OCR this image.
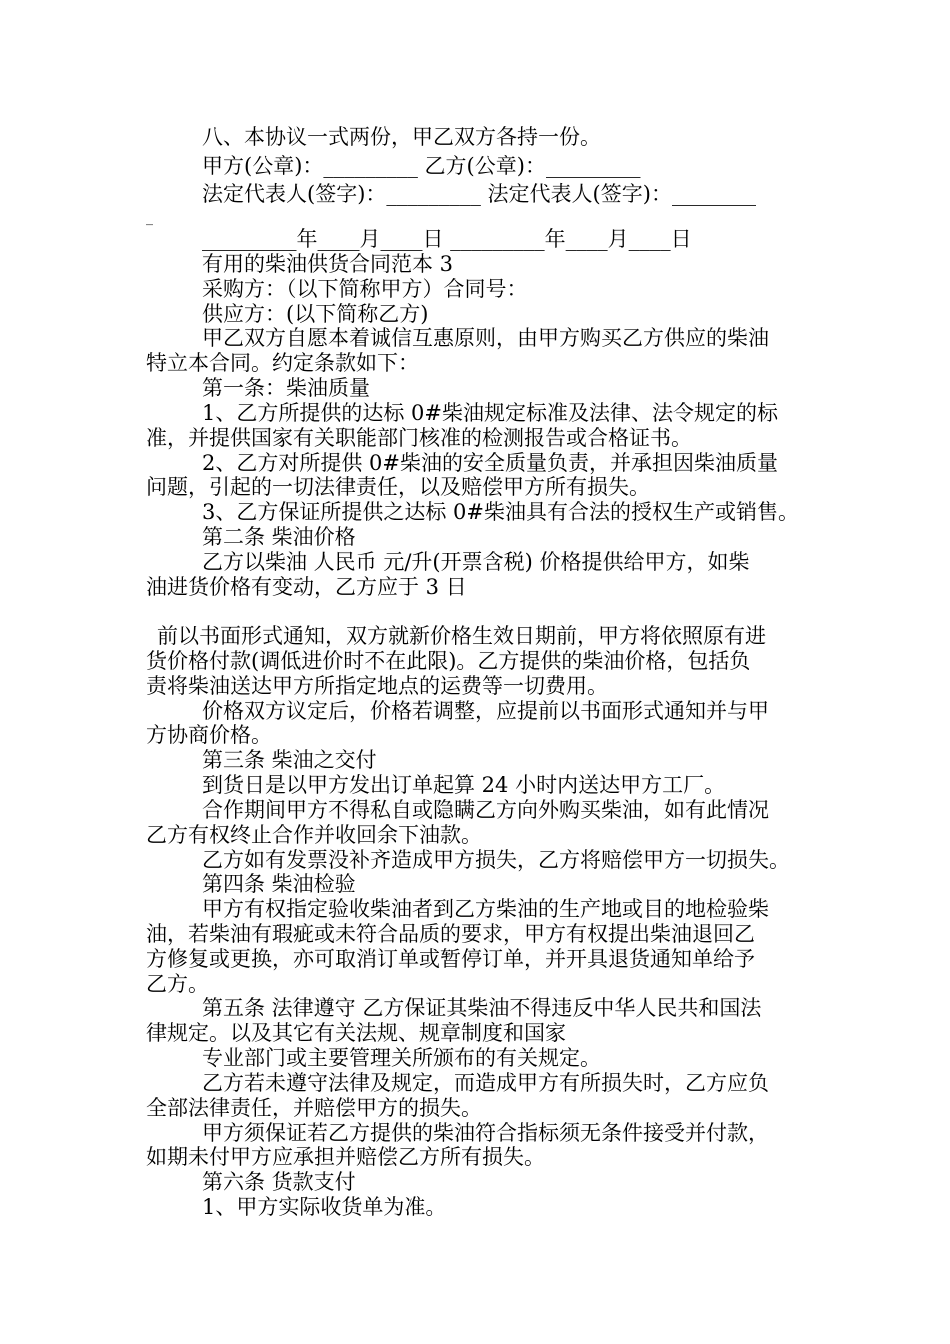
八、本协议一式两份，甲乙双方各持一份。
甲方(公章)：_________ 乙方(公章)：_________
法定代表人(签字)：_________ 法定代表人(签字)：________
_
_________年____月____日 _________年____月____日
有用的柴油供货合同范本 3
采购方：（以下简称甲方）合同号：
供应方：(以下简称乙方)
甲乙双方自愿本着诚信互惠原则，由甲方购买乙方供应的柴油
特立本合同。约定条款如下：
第一条：柴油质量
1、乙方所提供的达标 0#柴油规定标准及法律、法令规定的标
准，并提供国家有关职能部门核准的检测报告或合格证书。
2、乙方对所提供 0#柴油的安全质量负责，并承担因柴油质量
问题，引起的一切法律责任，以及赔偿甲方所有损失。
3、乙方保证所提供之达标 0#柴油具有合法的授权生产或销售。
第二条 柴油价格
乙方以柴油 人民币 元/升(开票含税) 价格提供给甲方，如柴
油进货价格有变动，乙方应于 3 日
前以书面形式通知，双方就新价格生效日期前，甲方将依照原有进
货价格付款(调低进价时不在此限)。乙方提供的柴油价格，包括负
责将柴油送达甲方所指定地点的运费等一切费用。
价格双方议定后，价格若调整，应提前以书面形式通知并与甲
方协商价格。
第三条 柴油之交付
到货日是以甲方发出订单起算 24 小时内送达甲方工厂。
合作期间甲方不得私自或隐瞒乙方向外购买柴油，如有此情况
乙方有权终止合作并收回余下油款。
乙方如有发票没补齐造成甲方损失，乙方将赔偿甲方一切损失。
第四条 柴油检验
甲方有权指定验收柴油者到乙方柴油的生产地或目的地检验柴
油，若柴油有瑕疵或未符合品质的要求，甲方有权提出柴油退回乙
方修复或更换，亦可取消订单或暂停订单，并开具退货通知单给予
乙方。
第五条 法律遵守 乙方保证其柴油不得违反中华人民共和国法
律规定。以及其它有关法规、规章制度和国家
专业部门或主要管理关所颁布的有关规定。
乙方若未遵守法律及规定，而造成甲方有所损失时，乙方应负
全部法律责任，并赔偿甲方的损失。
甲方须保证若乙方提供的柴油符合指标须无条件接受并付款，
如期未付甲方应承担并赔偿乙方所有损失。
第六条 货款支付
1、甲方实际收货单为准。
